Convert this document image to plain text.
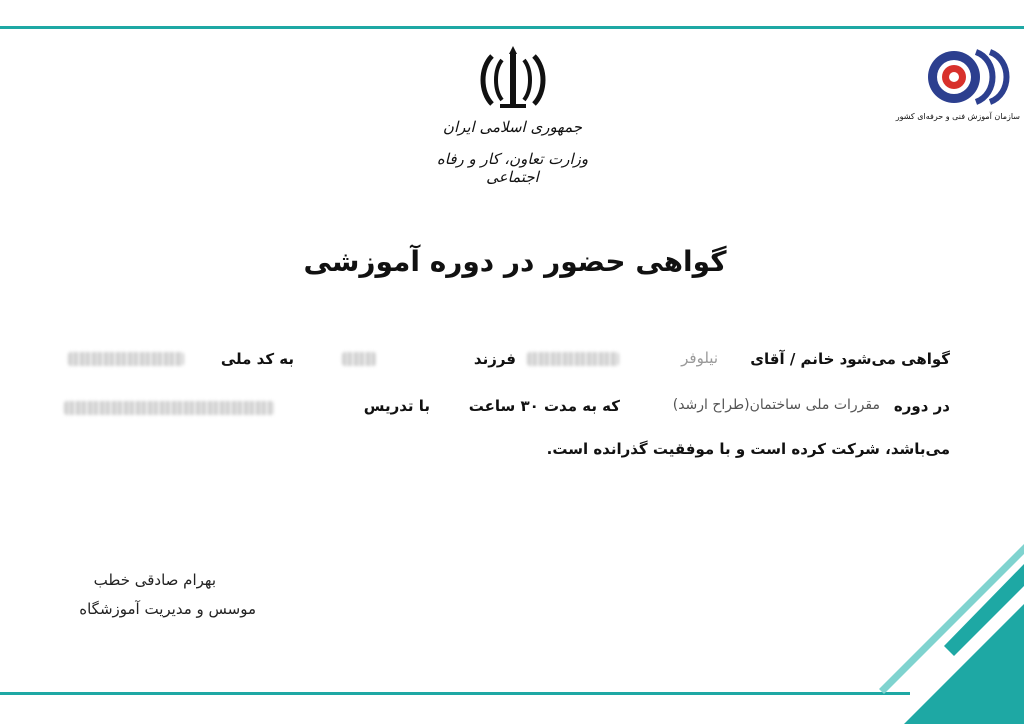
جمهوری اسلامی ایران
وزارت تعاون، کار و رفاه اجتماعی
سازمان آموزش فنی و حرفه‌ای کشور
گواهی حضور در دوره آموزشی
گواهی می‌شود خانم / آقای
نیلوفر
فرزند
به کد ملی
در دوره
مقررات ملی ساختمان(طراح ارشد)
که به مدت ۳۰ ساعت
با تدریس
می‌باشد، شرکت کرده است و با موفقیت گذرانده است.
بهرام صادقی خطب
موسس و مدیریت آموزشگاه
